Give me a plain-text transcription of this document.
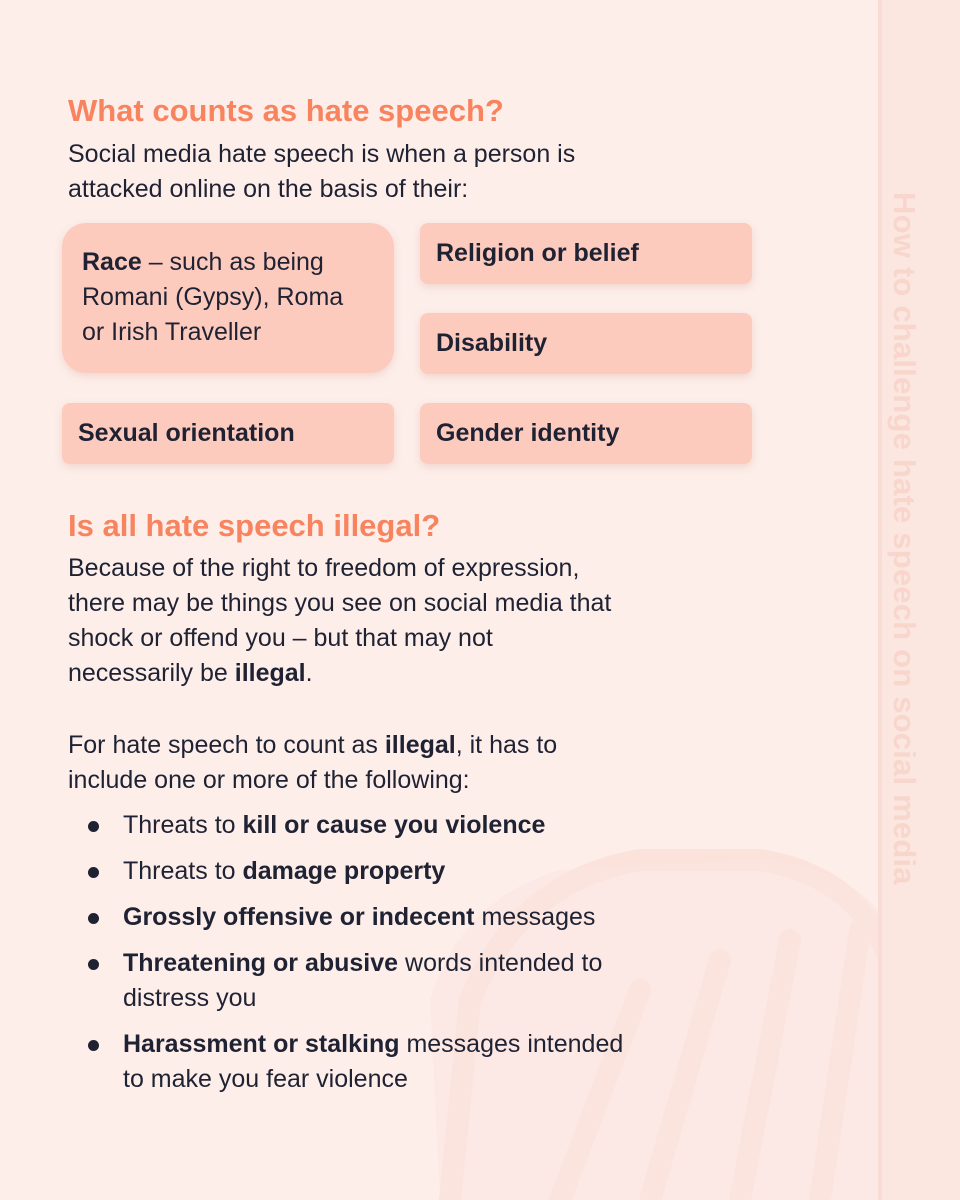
How to challenge hate speech on social media
What counts as hate speech?

Social media hate speech is when a person is
attacked online on the basis of their:

Race – such as being
Romani (Gypsy), Roma
or Irish Traveller
Religion or belief
Disability
Sexual orientation	Gender identity
Is all hate speech illegal?

Because of the right to freedom of expression,
there may be things you see on social media that
shock or offend you – but that may not
necessarily be illegal.

For hate speech to count as illegal, it has to
include one or more of the following:

Threats to kill or cause you violence
Threats to damage property
Grossly offensive or indecent messages
Threatening or abusive words intended to
distress you
Harassment or stalking messages intended
to make you fear violence
